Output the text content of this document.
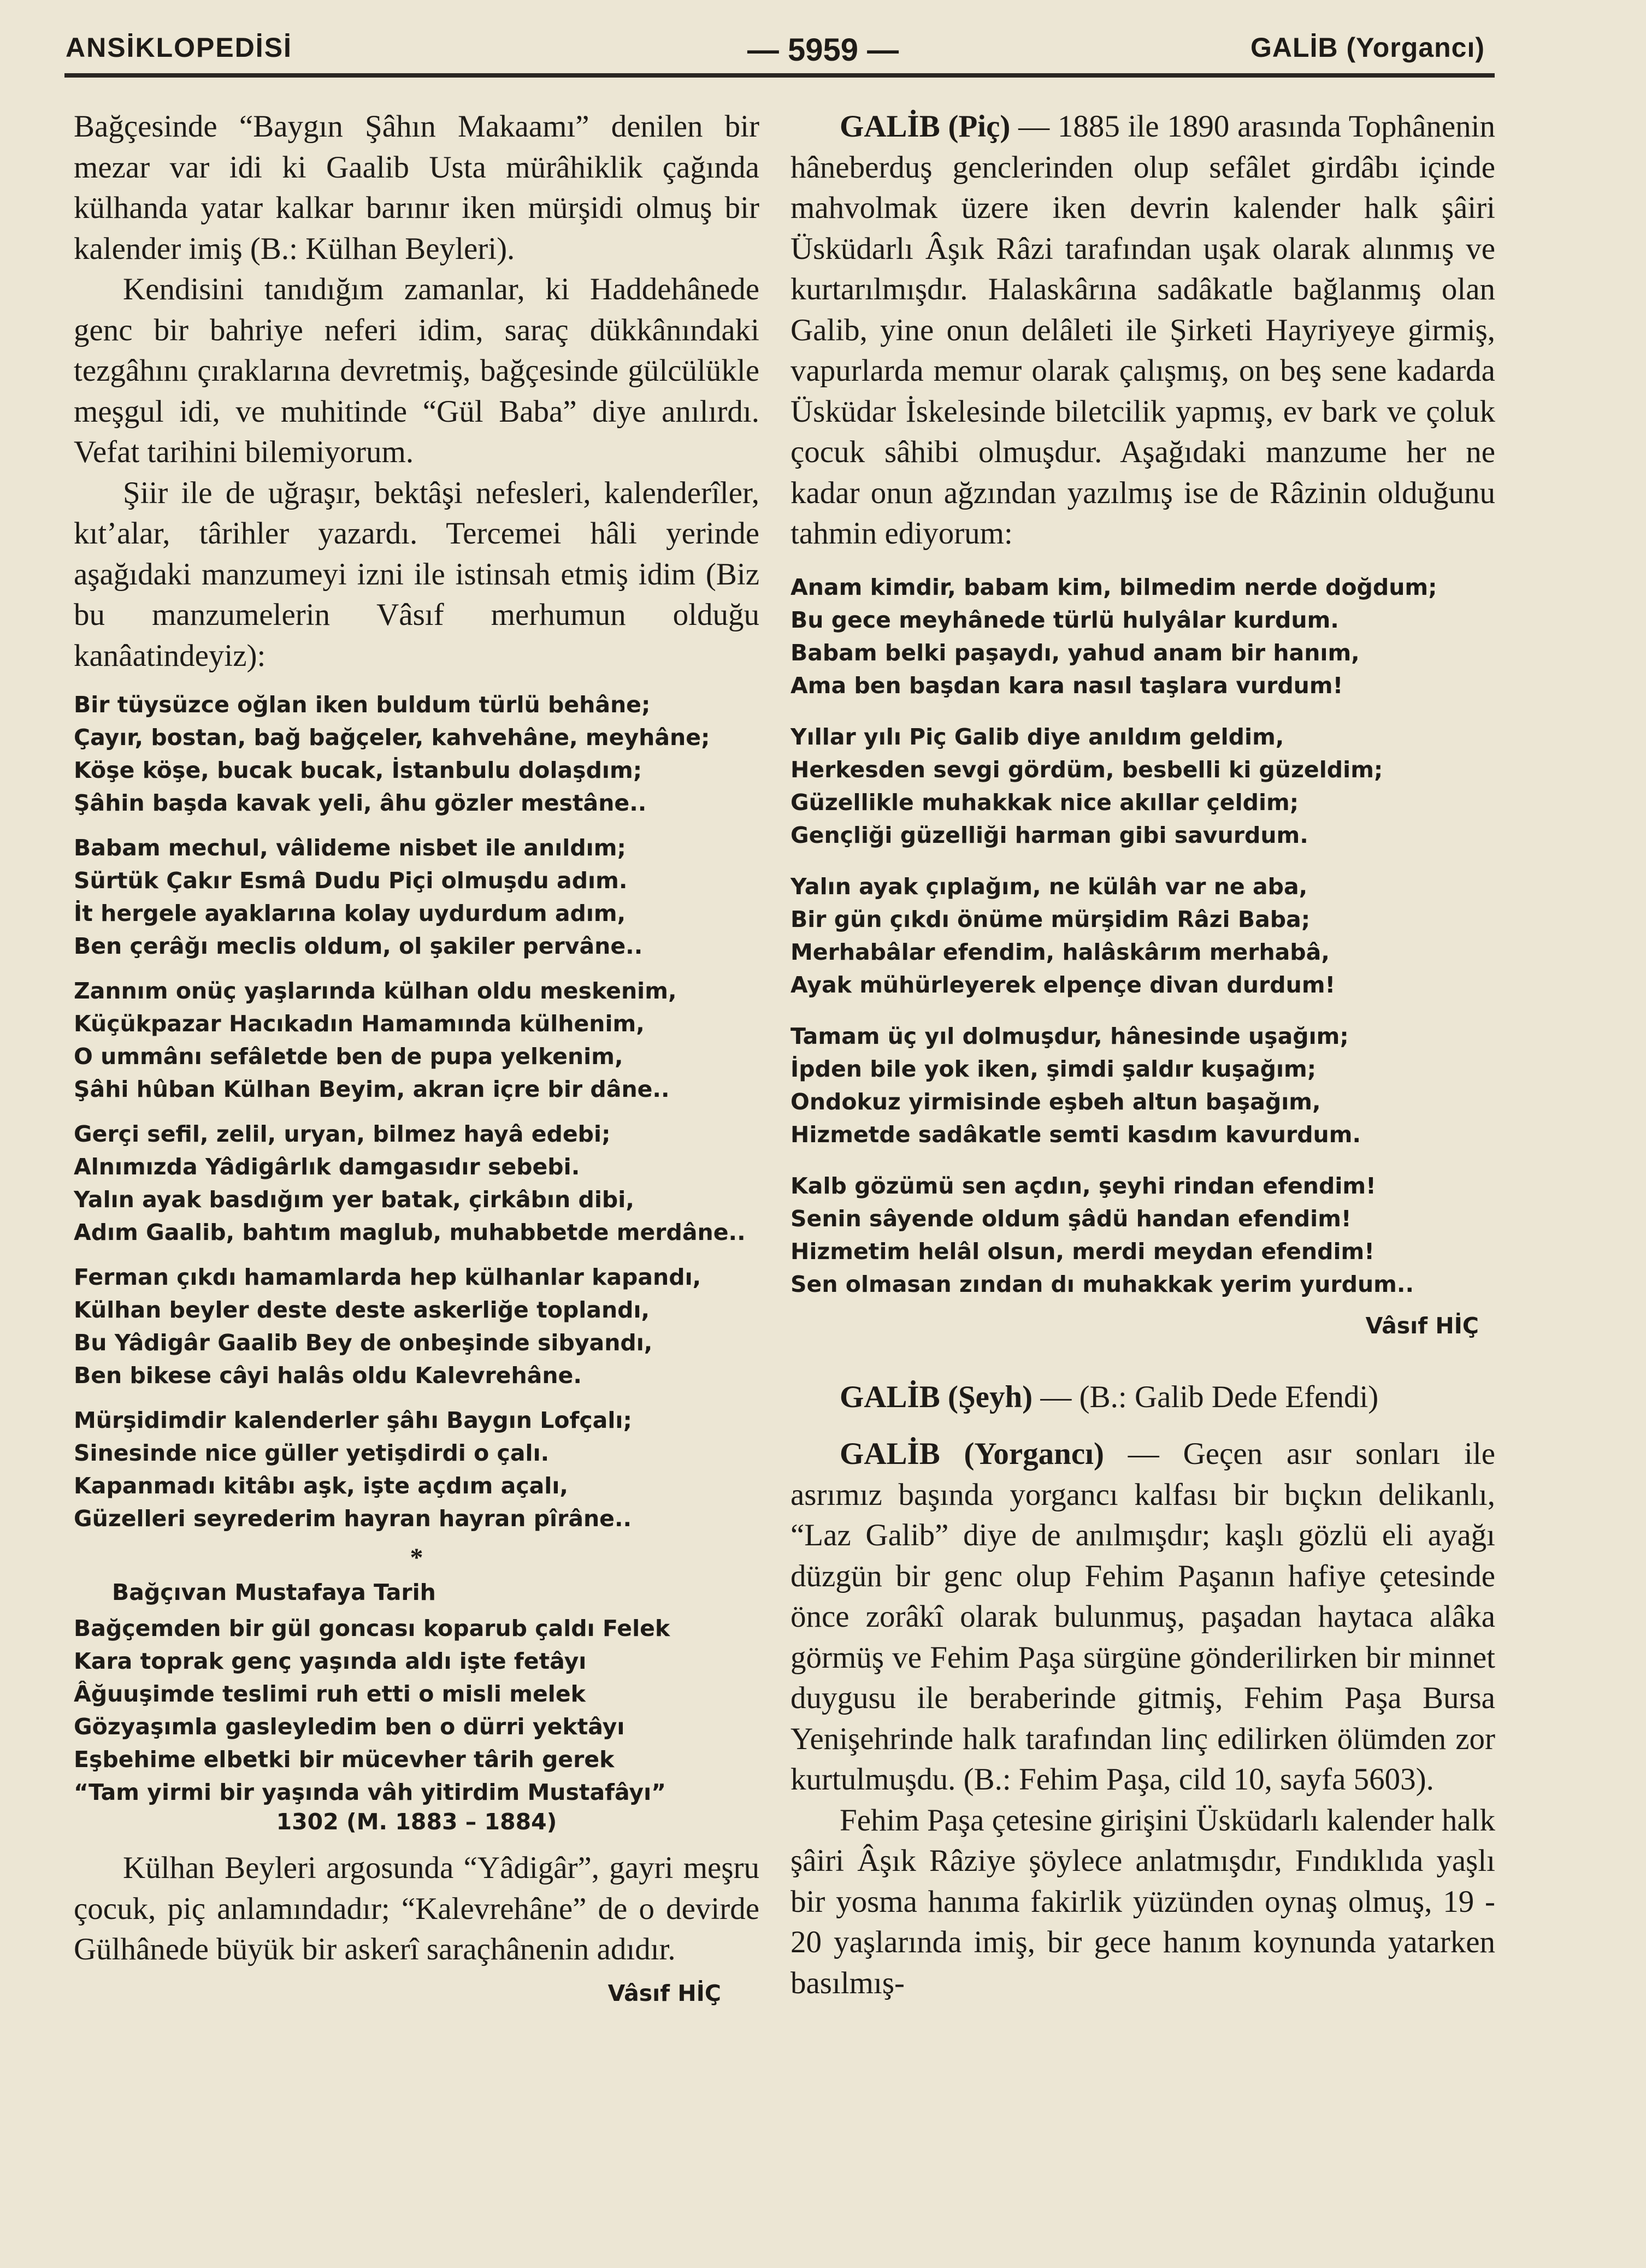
ANSİKLOPEDİSİ	— 5959 —	GALİB (Yorgancı)

Bağçesinde “Baygın Şâhın Makaamı” denilen bir mezar var idi ki Gaalib Usta mürâhiklik çağında külhanda yatar kalkar barınır iken mürşidi olmuş bir kalender imiş (B.: Külhan Beyleri).

Kendisini tanıdığım zamanlar, ki Haddehânede genc bir bahriye neferi idim, saraç dükkânındaki tezgâhını çıraklarına devretmiş, bağçesinde gülcülükle meşgul idi, ve muhitinde “Gül Baba” diye anılırdı. Vefat tarihini bilemiyorum.

Şiir ile de uğraşır, bektâşi nefesleri, kalenderîler, kıt’alar, târihler yazardı. Tercemei hâli yerinde aşağıdaki manzumeyi izni ile istinsah etmiş idim (Biz bu manzumelerin Vâsıf merhumun olduğu kanâatindeyiz):

Bir tüysüzce oğlan iken buldum türlü behâne;
Çayır, bostan, bağ bağçeler, kahvehâne, meyhâne;
Köşe köşe, bucak bucak, İstanbulu dolaşdım;
Şâhin başda kavak yeli, âhu gözler mestâne..
Babam mechul, vâlideme nisbet ile anıldım;
Sürtük Çakır Esmâ Dudu Piçi olmuşdu adım.
İt hergele ayaklarına kolay uydurdum adım,
Ben çerâğı meclis oldum, ol şakiler pervâne..
Zannım onüç yaşlarında külhan oldu meskenim,
Küçükpazar Hacıkadın Hamamında külhenim,
O ummânı sefâletde ben de pupa yelkenim,
Şâhi hûban Külhan Beyim, akran içre bir dâne..
Gerçi sefil, zelil, uryan, bilmez hayâ edebi;
Alnımızda Yâdigârlık damgasıdır sebebi.
Yalın ayak basdığım yer batak, çirkâbın dibi,
Adım Gaalib, bahtım maglub, muhabbetde merdâne..
Ferman çıkdı hamamlarda hep külhanlar kapandı,
Külhan beyler deste deste askerliğe toplandı,
Bu Yâdigâr Gaalib Bey de onbeşinde sibyandı,
Ben bikese câyi halâs oldu Kalevrehâne.
Mürşidimdir kalenderler şâhı Baygın Lofçalı;
Sinesinde nice güller yetişdirdi o çalı.
Kapanmadı kitâbı aşk, işte açdım açalı,
Güzelleri seyrederim hayran hayran pîrâne..
*
Bağçıvan Mustafaya Tarih
Bağçemden bir gül goncası koparub çaldı Felek
Kara toprak genç yaşında aldı işte fetâyı
Âğuuşimde teslimi ruh etti o misli melek
Gözyaşımla gasleyledim ben o dürri yektâyı
Eşbehime elbetki bir mücevher târih gerek
“Tam yirmi bir yaşında vâh yitirdim Mustafâyı”
1302 (M. 1883 – 1884)

Külhan Beyleri argosunda “Yâdigâr”, gayri meşru çocuk, piç anlamındadır; “Kalevrehâne” de o devirde Gülhânede büyük bir askerî saraçhânenin adıdır.

Vâsıf HİÇ

GALİB (Piç) — 1885 ile 1890 arasında Tophânenin hâneberduş genclerinden olup sefâlet girdâbı içinde mahvolmak üzere iken devrin kalender halk şâiri Üsküdarlı Âşık Râzi tarafından uşak olarak alınmış ve kurtarılmışdır. Halaskârına sadâkatle bağlanmış olan Galib, yine onun delâleti ile Şirketi Hayriyeye girmiş, vapurlarda memur olarak çalışmış, on beş sene kadarda Üsküdar İskelesinde biletcilik yapmış, ev bark ve çoluk çocuk sâhibi olmuşdur. Aşağıdaki manzume her ne kadar onun ağzından yazılmış ise de Râzinin olduğunu tahmin ediyorum:

Anam kimdir, babam kim, bilmedim nerde doğdum;
Bu gece meyhânede türlü hulyâlar kurdum.
Babam belki paşaydı, yahud anam bir hanım,
Ama ben başdan kara nasıl taşlara vurdum!
Yıllar yılı Piç Galib diye anıldım geldim,
Herkesden sevgi gördüm, besbelli ki güzeldim;
Güzellikle muhakkak nice akıllar çeldim;
Gençliği güzelliği harman gibi savurdum.
Yalın ayak çıplağım, ne külâh var ne aba,
Bir gün çıkdı önüme mürşidim Râzi Baba;
Merhabâlar efendim, halâskârım merhabâ,
Ayak mühürleyerek elpençe divan durdum!
Tamam üç yıl dolmuşdur, hânesinde uşağım;
İpden bile yok iken, şimdi şaldır kuşağım;
Ondokuz yirmisinde eşbeh altun başağım,
Hizmetde sadâkatle semti kasdım kavurdum.
Kalb gözümü sen açdın, şeyhi rindan efendim!
Senin sâyende oldum şâdü handan efendim!
Hizmetim helâl olsun, merdi meydan efendim!
Sen olmasan zından dı muhakkak yerim yurdum..
Vâsıf HİÇ

GALİB (Şeyh) — (B.: Galib Dede Efendi)

GALİB (Yorgancı) — Geçen asır sonları ile asrımız başında yorgancı kalfası bir bıçkın delikanlı, “Laz Galib” diye de anılmışdır; kaşlı gözlü eli ayağı düzgün bir genc olup Fehim Paşanın hafiye çetesinde önce zorâkî olarak bulunmuş, paşadan haytaca alâka görmüş ve Fehim Paşa sürgüne gönderilirken bir minnet duygusu ile beraberinde gitmiş, Fehim Paşa Bursa Yenişehrinde halk tarafından linç edilirken ölümden zor kurtulmuşdu. (B.: Fehim Paşa, cild 10, sayfa 5603).

Fehim Paşa çetesine girişini Üsküdarlı kalender halk şâiri Âşık Râziye şöylece anlatmışdır, Fındıklıda yaşlı bir yosma hanıma fakirlik yüzünden oynaş olmuş, 19 - 20 yaşlarında imiş, bir gece hanım koynunda yatarken basılmış-
